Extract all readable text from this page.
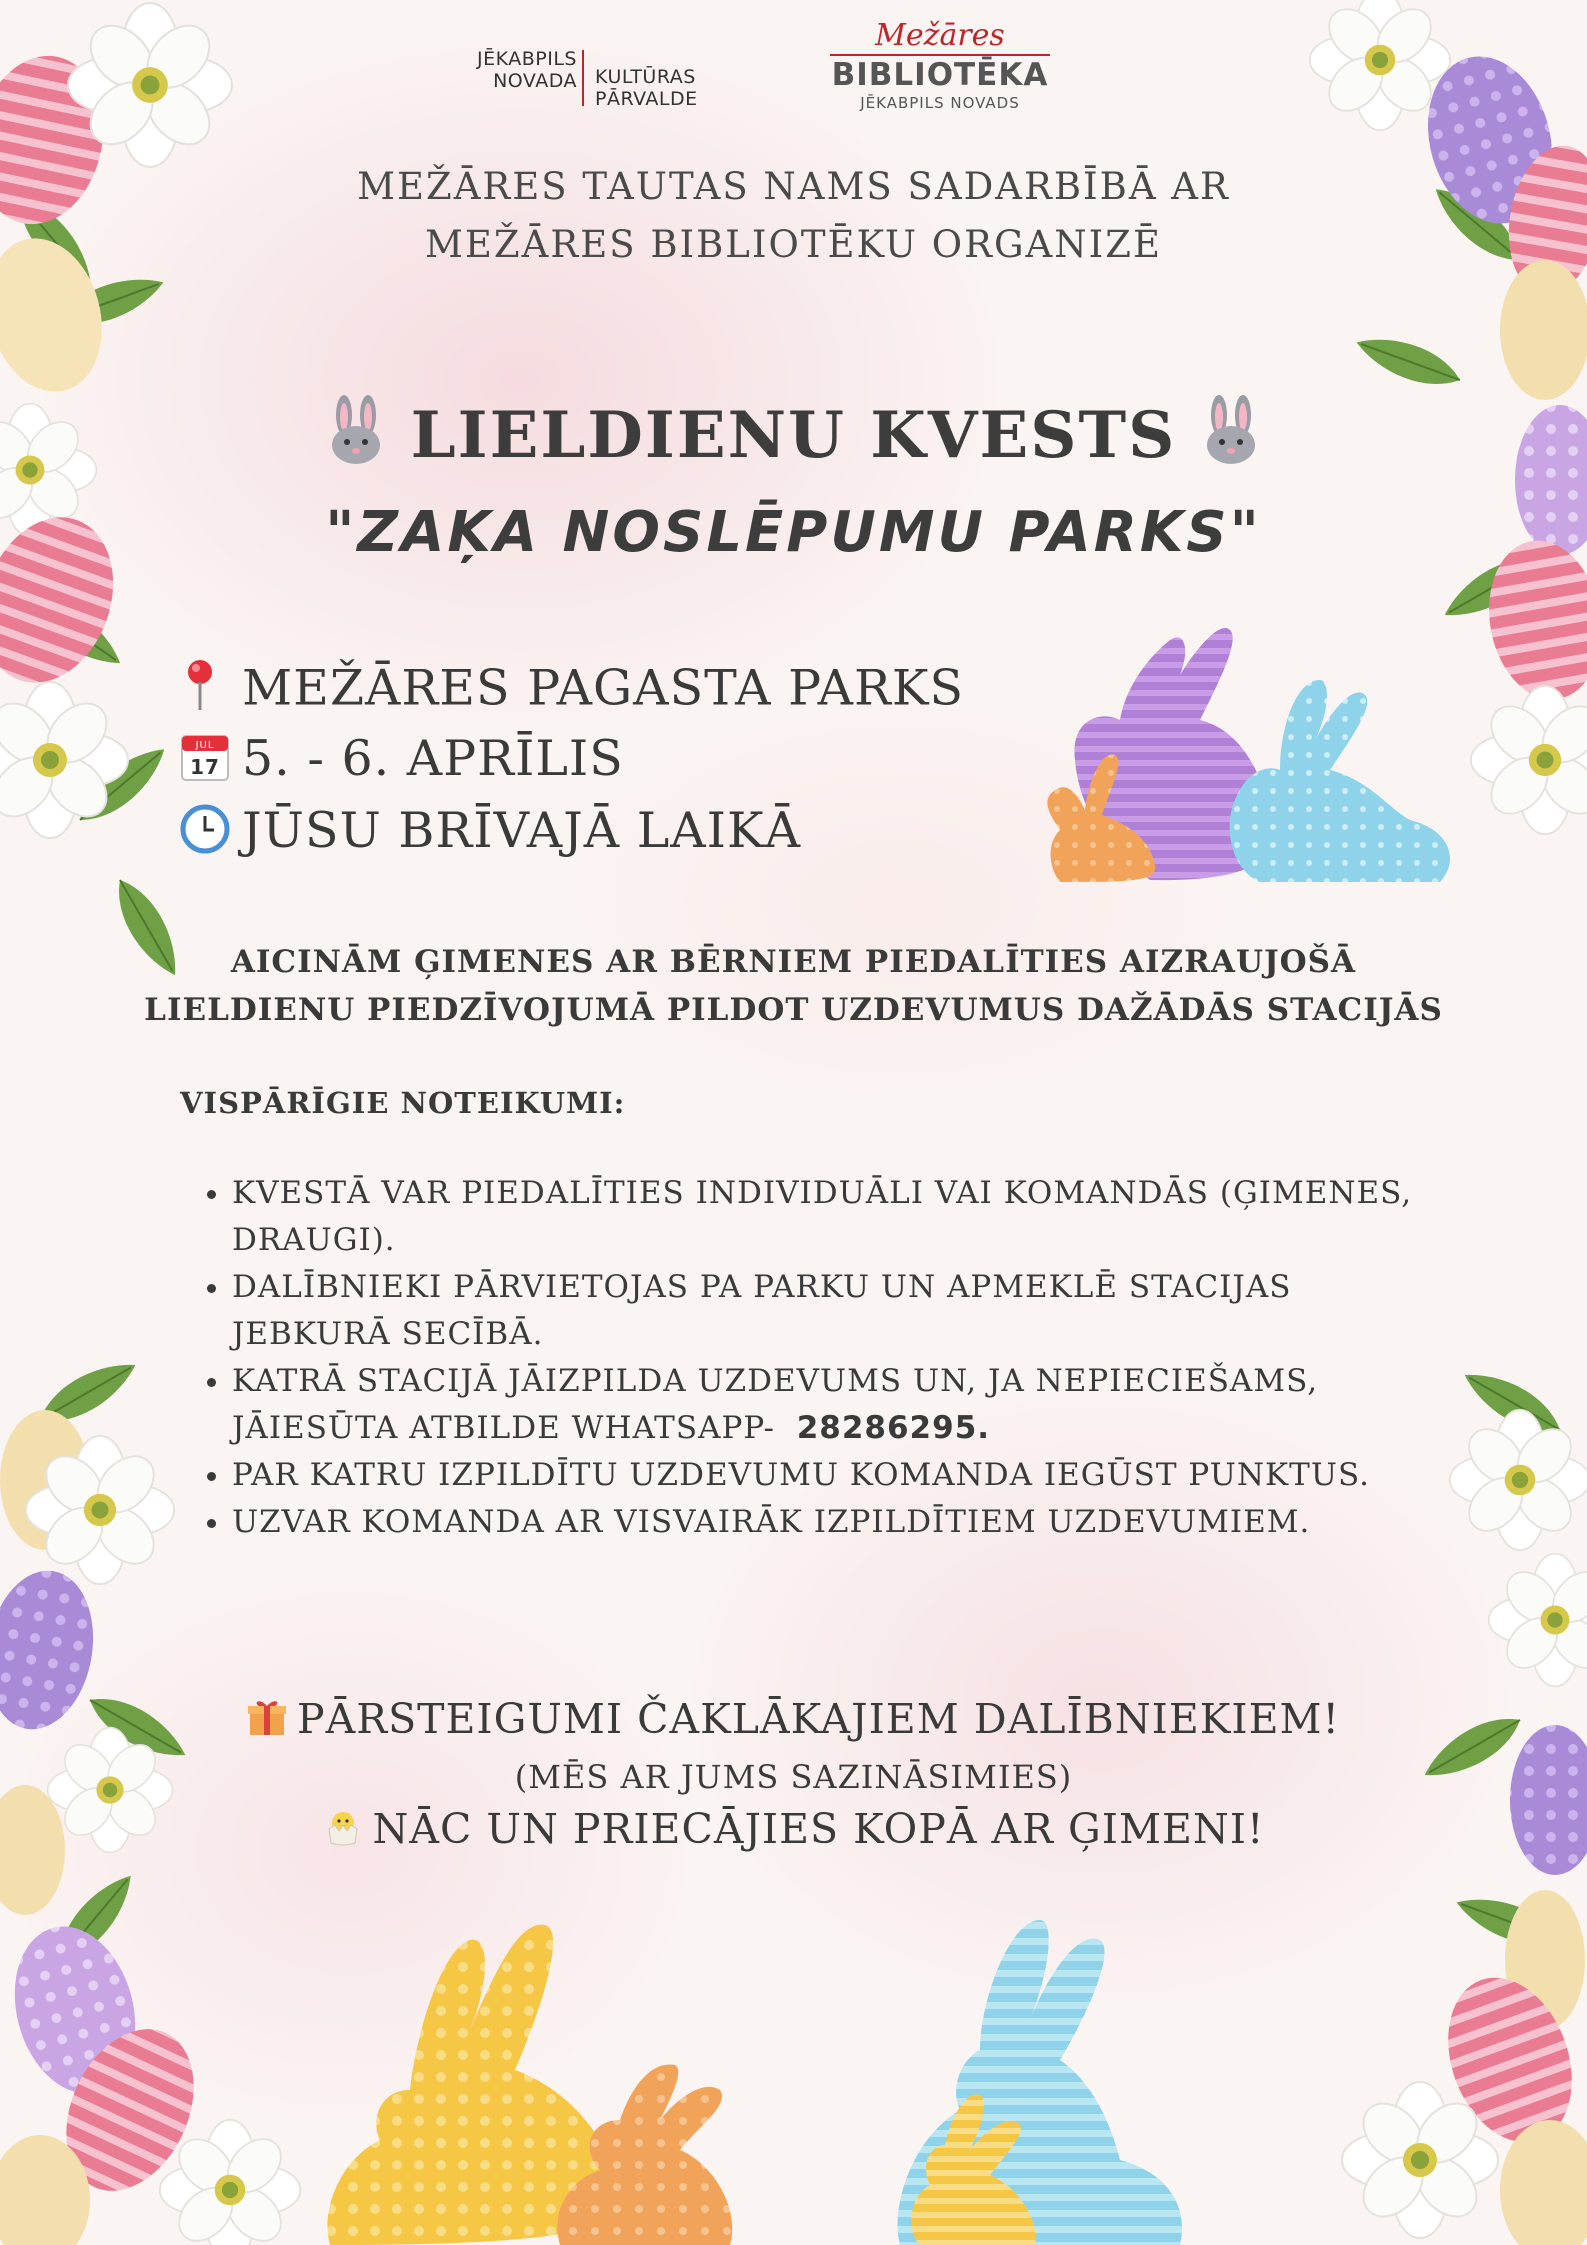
JĒKABPILS
NOVADA KULTŪRAS
PĀRVALDE
Mežāres
BIBLIOTĒKA
JĒKABPILS NOVADS
MEŽĀRES TAUTAS NAMS SADARBĪBĀ AR
MEŽĀRES BIBLIOTĒKU ORGANIZĒ
LIELDIENU KVESTS
"ZAĶA NOSLĒPUMU PARKS"
MEŽĀRES PAGASTA PARKS
JUL
17 5. - 6. APRĪLIS
JŪSU BRĪVAJĀ LAIKĀ
AICINĀM ĢIMENES AR BĒRNIEM PIEDALĪTIES AIZRAUJOŠĀ
LIELDIENU PIEDZĪVOJUMĀ PILDOT UZDEVUMUS DAŽĀDĀS STACIJĀS
VISPĀRĪGIE NOTEIKUMI:
• KVESTĀ VAR PIEDALĪTIES INDIVIDUĀLI VAI KOMANDĀS (ĢIMENES, DRAUGI).
• DALĪBNIEKI PĀRVIETOJAS PA PARKU UN APMEKLĒ STACIJAS JEBKURĀ SECĪBĀ.
• KATRĀ STACIJĀ JĀIZPILDA UZDEVUMS UN, JA NEPIECIEŠAMS, JĀIESŪTA ATBILDE WHATSAPP- 28286295.
• PAR KATRU IZPILDĪTU UZDEVUMU KOMANDA IEGŪST PUNKTUS.
• UZVAR KOMANDA AR VISVAIRĀK IZPILDĪTIEM UZDEVUMIEM.
PĀRSTEIGUMI ČAKLĀKAJIEM DALĪBNIEKIEM!
(MĒS AR JUMS SAZINĀSIMIES)
NĀC UN PRIECĀJIES KOPĀ AR ĢIMENI!
